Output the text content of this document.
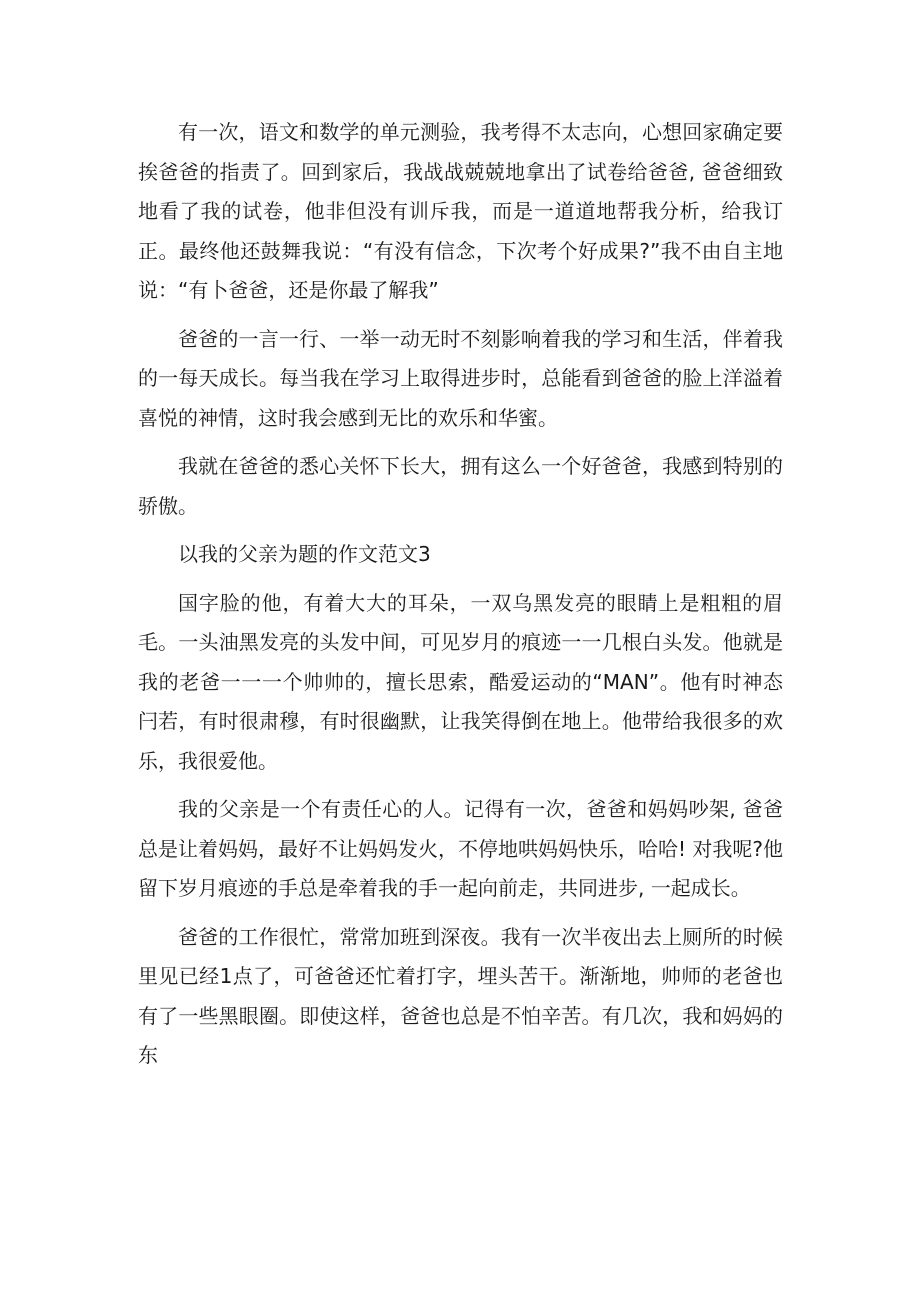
有一次，语文和数学的单元测验，我考得不太志向，心想回家确定要挨爸爸的指责了。回到家后，我战战兢兢地拿出了试卷给爸爸, 爸爸细致地看了我的试卷，他非但没有训斥我，而是一道道地帮我分析，给我订正。最终他还鼓舞我说：“有没有信念，下次考个好成果?”我不由自主地说：“有卜爸爸，还是你最了解我”

爸爸的一言一行、一举一动无时不刻影响着我的学习和生活，伴着我的一每天成长。每当我在学习上取得进步时，总能看到爸爸的脸上洋溢着喜悦的神情，这时我会感到无比的欢乐和华蜜。

我就在爸爸的悉心关怀下长大，拥有这么一个好爸爸，我感到特别的骄傲。

以我的父亲为题的作文范文3

国字脸的他，有着大大的耳朵，一双乌黑发亮的眼睛上是粗粗的眉毛。一头油黑发亮的头发中间，可见岁月的痕迹一一几根白头发。他就是我的老爸一一一个帅帅的，擅长思索，酷爱运动的“MAN”。他有时神态闩若，有时很肃穆，有时很幽默，让我笑得倒在地上。他带给我很多的欢乐，我很爱他。

我的父亲是一个有责任心的人。记得有一次，爸爸和妈妈吵架, 爸爸总是让着妈妈，最好不让妈妈发火，不停地哄妈妈快乐，哈哈! 对我呢?他留下岁月痕迹的手总是牵着我的手一起向前走，共同进步, 一起成长。

爸爸的工作很忙，常常加班到深夜。我有一次半夜出去上厕所的时候里见已经1点了，可爸爸还忙着打字，埋头苦干。渐渐地，帅师的老爸也有了一些黑眼圈。即使这样，爸爸也总是不怕辛苦。有几次，我和妈妈的东
